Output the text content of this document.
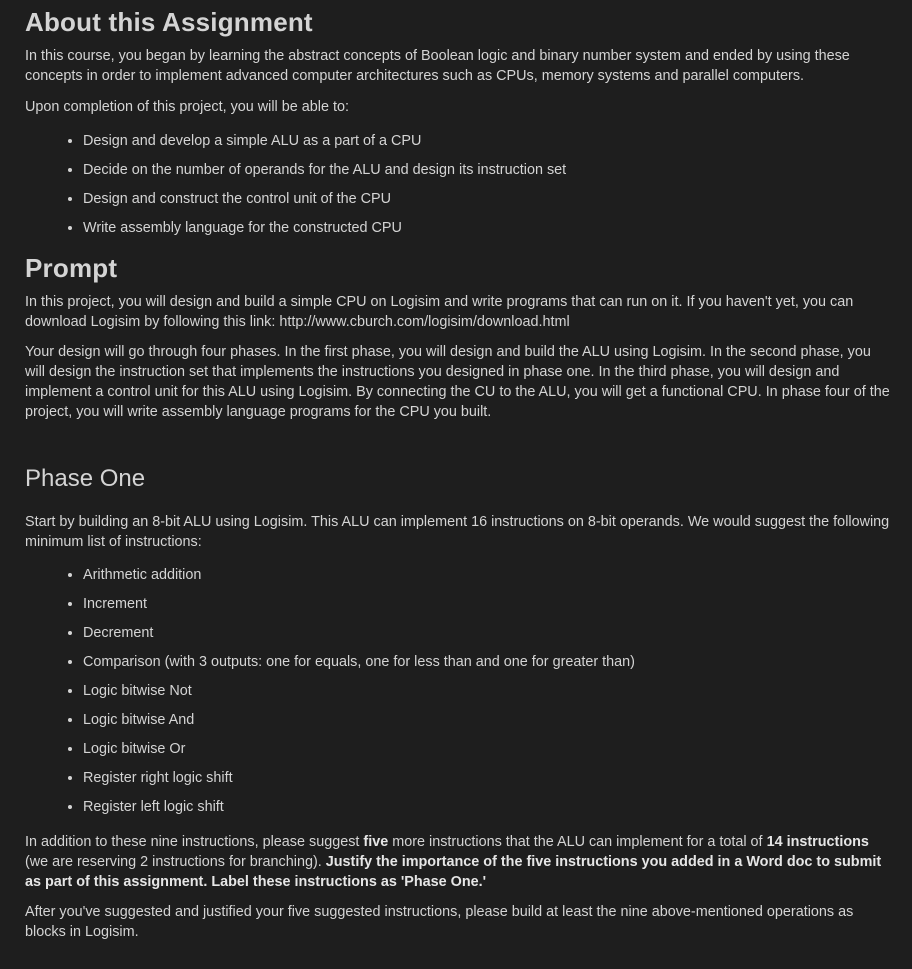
About this Assignment

In this course, you began by learning the abstract concepts of Boolean logic and binary number system and ended by using these concepts in order to implement advanced computer architectures such as CPUs, memory systems and parallel computers.

Upon completion of this project, you will be able to:

• Design and develop a simple ALU as a part of a CPU
• Decide on the number of operands for the ALU and design its instruction set
• Design and construct the control unit of the CPU
• Write assembly language for the constructed CPU
Prompt

In this project, you will design and build a simple CPU on Logisim and write programs that can run on it. If you haven't yet, you can download Logisim by following this link: http://www.cburch.com/logisim/download.html

Your design will go through four phases. In the first phase, you will design and build the ALU using Logisim. In the second phase, you will design the instruction set that implements the instructions you designed in phase one. In the third phase, you will design and implement a control unit for this ALU using Logisim. By connecting the CU to the ALU, you will get a functional CPU. In phase four of the project, you will write assembly language programs for the CPU you built.

Phase One

Start by building an 8-bit ALU using Logisim. This ALU can implement 16 instructions on 8-bit operands. We would suggest the following minimum list of instructions:

• Arithmetic addition
• Increment
• Decrement
• Comparison (with 3 outputs: one for equals, one for less than and one for greater than)
• Logic bitwise Not
• Logic bitwise And
• Logic bitwise Or
• Register right logic shift
• Register left logic shift

In addition to these nine instructions, please suggest five more instructions that the ALU can implement for a total of 14 instructions (we are reserving 2 instructions for branching). Justify the importance of the five instructions you added in a Word doc to submit as part of this assignment. Label these instructions as 'Phase One.'

After you've suggested and justified your five suggested instructions, please build at least the nine above-mentioned operations as blocks in Logisim.
